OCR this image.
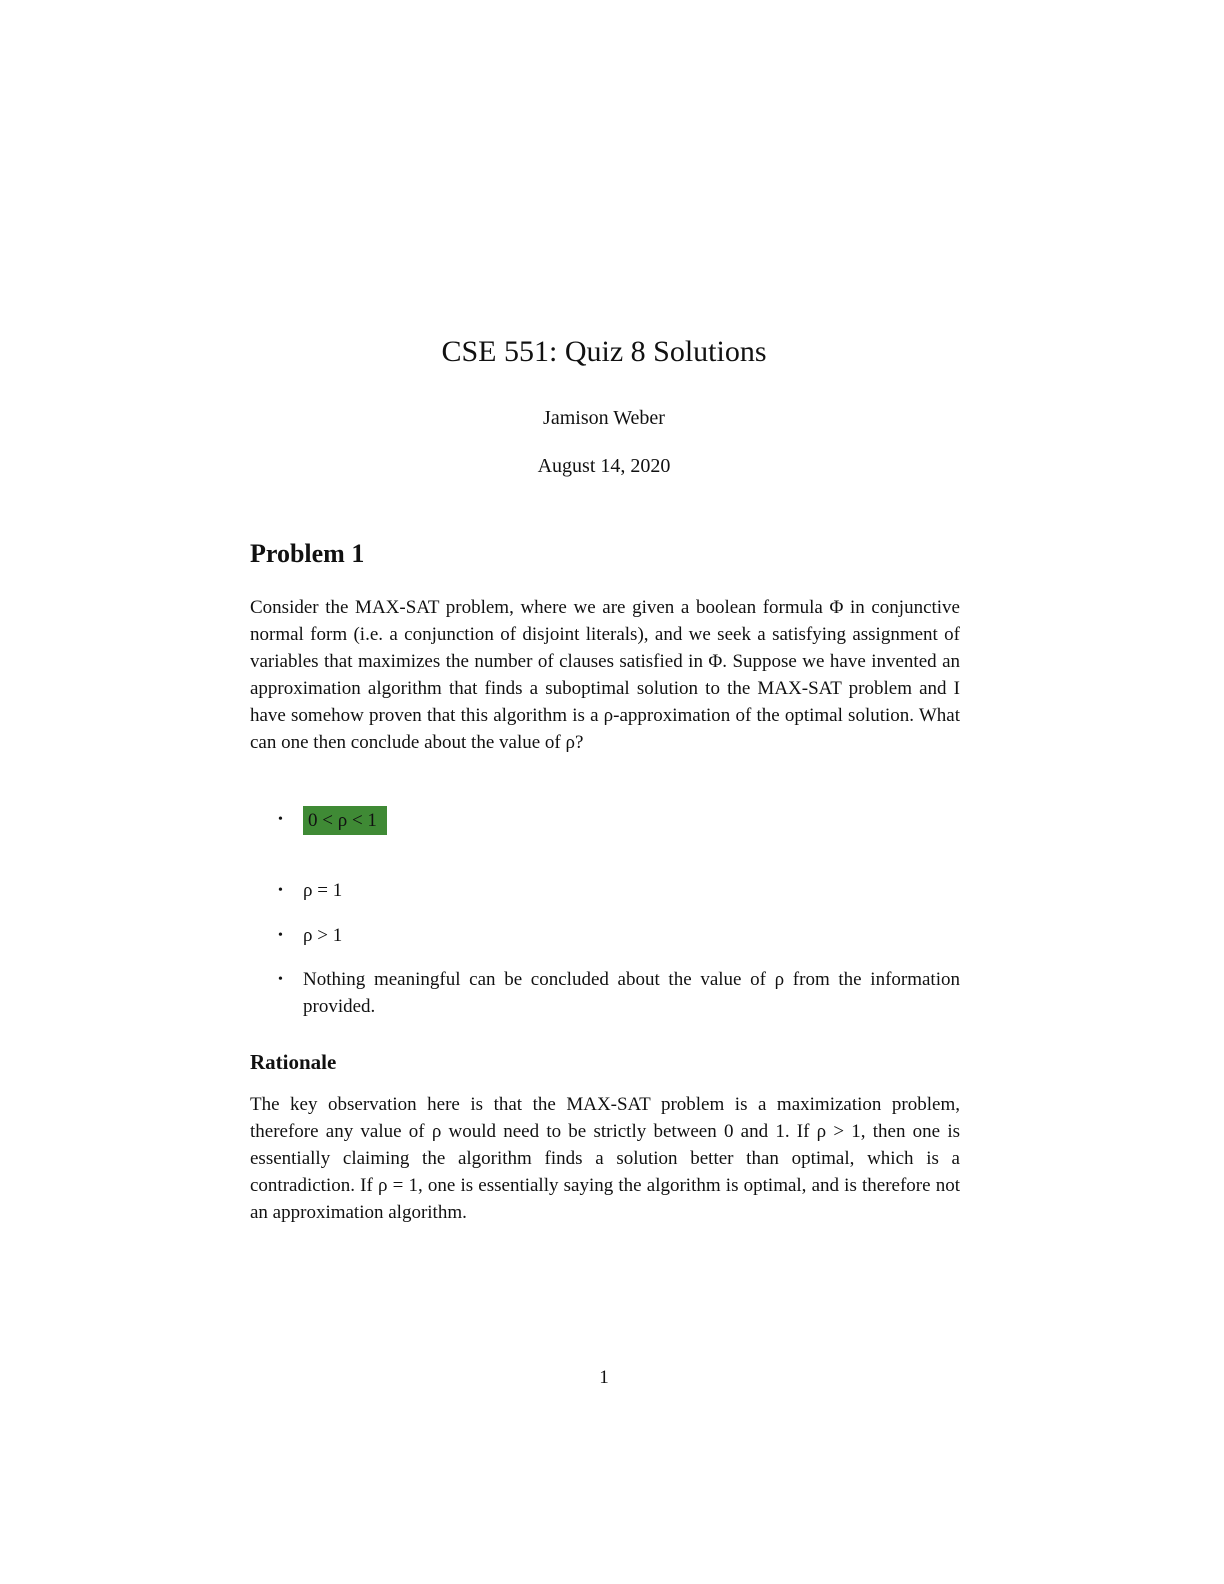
CSE 551: Quiz 8 Solutions
Jamison Weber
August 14, 2020
Problem 1
Consider the MAX-SAT problem, where we are given a boolean formula Φ in conjunctive normal form (i.e. a conjunction of disjoint literals), and we seek a satisfying assignment of variables that maximizes the number of clauses satisfied in Φ. Suppose we have invented an approximation algorithm that finds a suboptimal solution to the MAX-SAT problem and I have somehow proven that this algorithm is a ρ-approximation of the optimal solution. What can one then conclude about the value of ρ?
•	0 < ρ < 1
•	ρ = 1
•	ρ > 1
•	Nothing meaningful can be concluded about the value of ρ from the information provided.
Rationale
The key observation here is that the MAX-SAT problem is a maximization problem, therefore any value of ρ would need to be strictly between 0 and 1. If ρ > 1, then one is essentially claiming the algorithm finds a solution better than optimal, which is a contradiction. If ρ = 1, one is essentially saying the algorithm is optimal, and is therefore not an approximation algorithm.
1
